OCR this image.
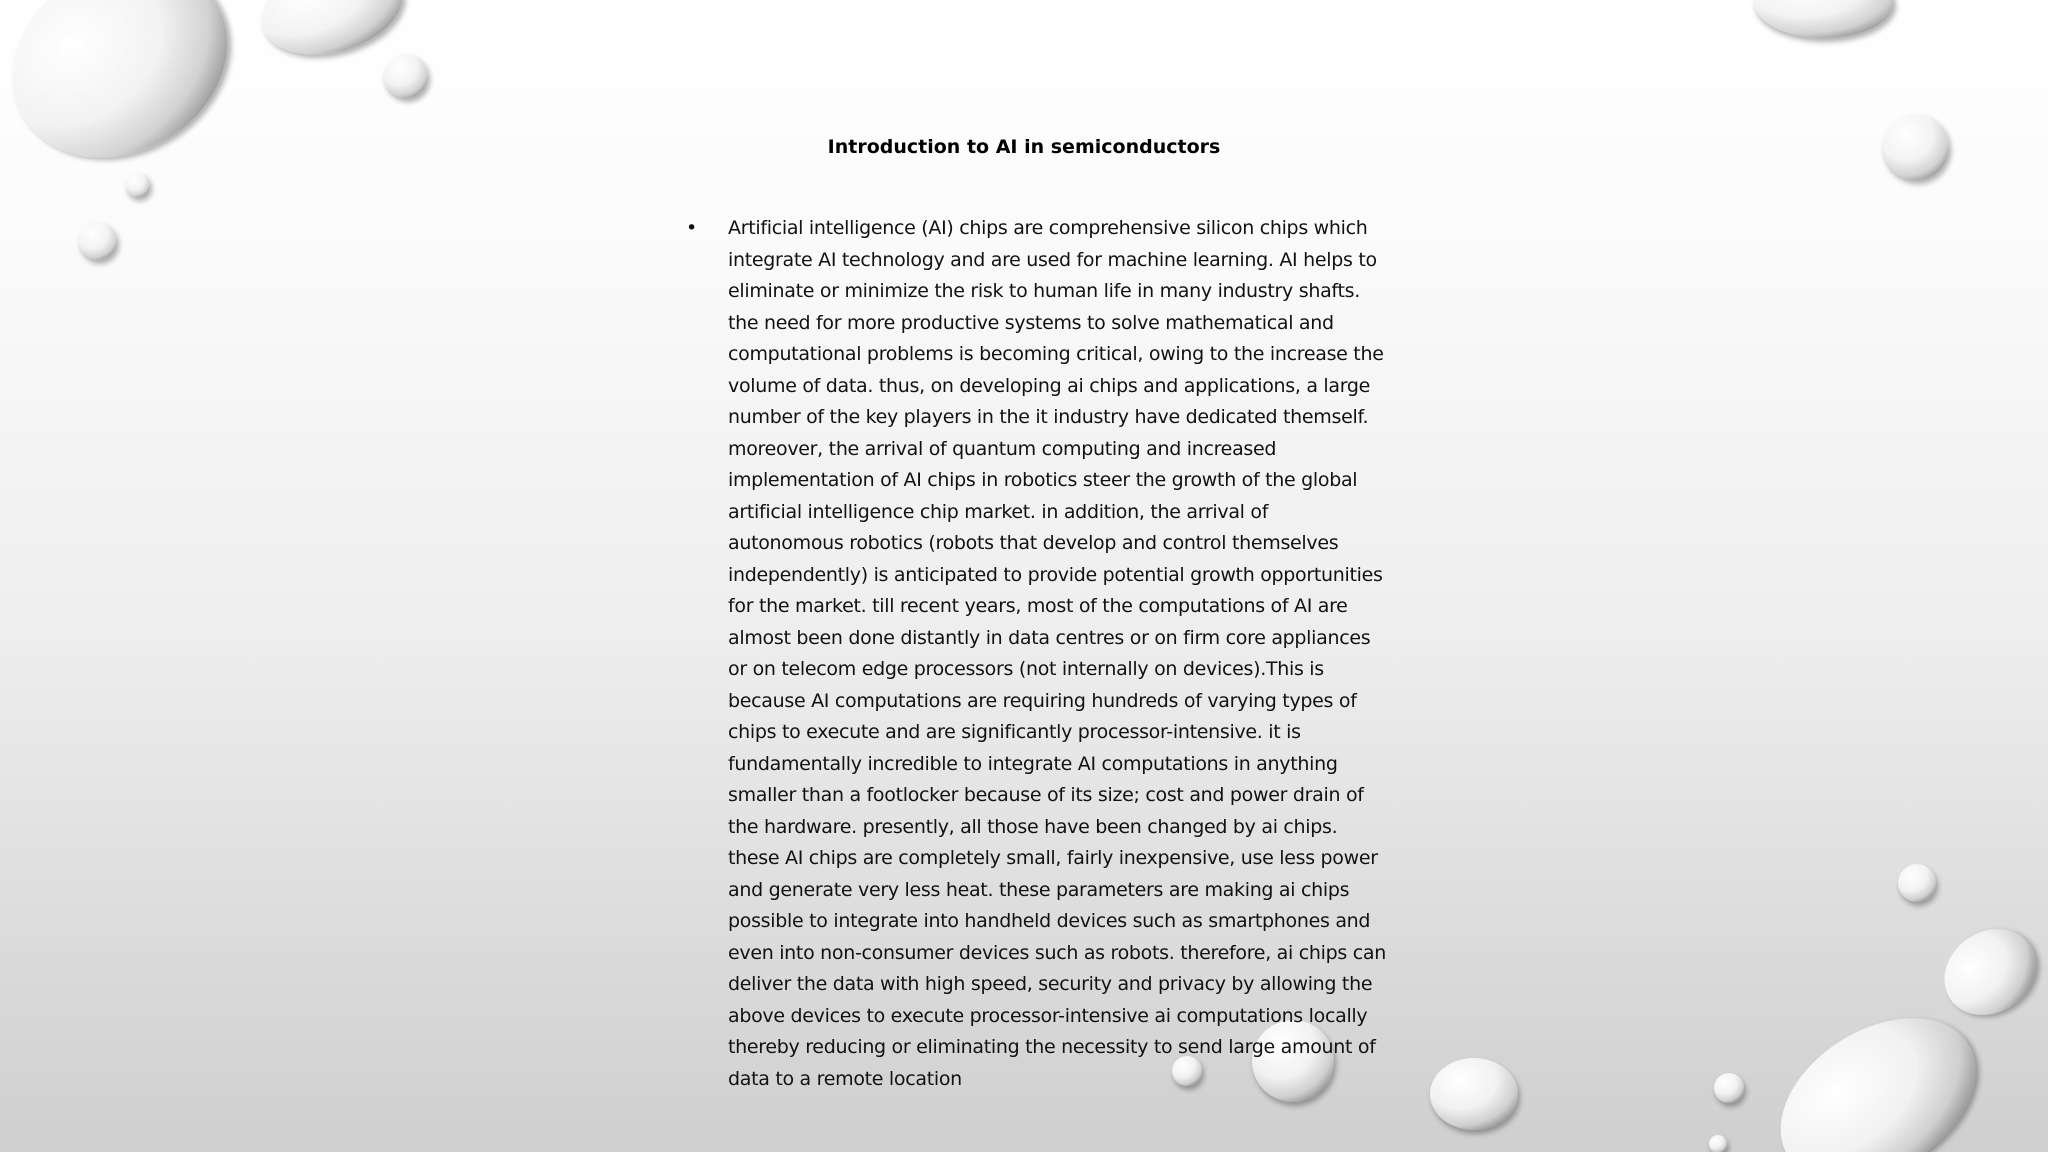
Introduction to AI in semiconductors
• Artificial intelligence (AI) chips are comprehensive silicon chips which integrate AI technology and are used for machine learning. AI helps to eliminate or minimize the risk to human life in many industry shafts. the need for more productive systems to solve mathematical and computational problems is becoming critical, owing to the increase the volume of data. thus, on developing ai chips and applications, a large number of the key players in the it industry have dedicated themself. moreover, the arrival of quantum computing and increased implementation of AI chips in robotics steer the growth of the global artificial intelligence chip market. in addition, the arrival of autonomous robotics (robots that develop and control themselves independently) is anticipated to provide potential growth opportunities for the market. till recent years, most of the computations of AI are almost been done distantly in data centres or on firm core appliances or on telecom edge processors (not internally on devices).This is because AI computations are requiring hundreds of varying types of chips to execute and are significantly processor-intensive. it is fundamentally incredible to integrate AI computations in anything smaller than a footlocker because of its size; cost and power drain of the hardware. presently, all those have been changed by ai chips. these AI chips are completely small, fairly inexpensive, use less power and generate very less heat. these parameters are making ai chips possible to integrate into handheld devices such as smartphones and even into non-consumer devices such as robots. therefore, ai chips can deliver the data with high speed, security and privacy by allowing the above devices to execute processor-intensive ai computations locally thereby reducing or eliminating the necessity to send large amount of data to a remote location
